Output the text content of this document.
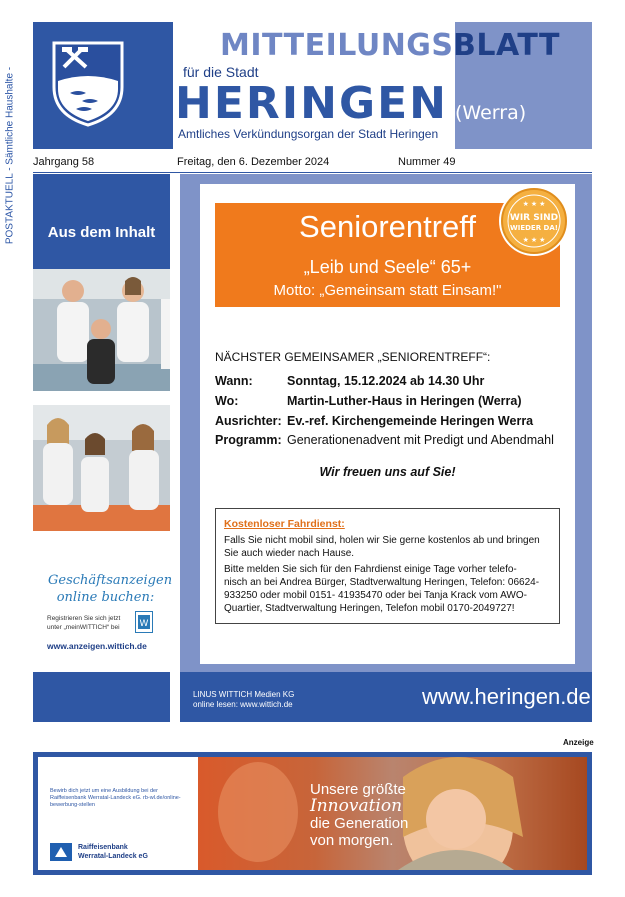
POSTAKTUELL - Sämtliche Haushalte -
MITTEILUNGS BLATT
für die Stadt
HERINGEN (Werra)
Amtliches Verkündungsorgan der Stadt Heringen
Jahrgang 58	Freitag, den 6. Dezember 2024	Nummer 49
Aus dem Inhalt
Geschäftsanzeigen online buchen:
Registrieren Sie sich jetzt unter „meinWITTICH“ bei	W
www.anzeigen.wittich.de
Seniorentreff
„Leib und Seele“ 65+
Motto: „Gemeinsam statt Einsam!"
WIR SIND
WIEDER DA!
★ ★ ★
★ ★ ★
NÄCHSTER GEMEINSAMER „SENIORENTREFF“:
Wann:	Sonntag, 15.12.2024 ab 14.30 Uhr
Wo:	Martin-Luther-Haus in Heringen (Werra)
Ausrichter: Ev.-ref. Kirchengemeinde Heringen Werra
Programm: Generationenadvent mit Predigt und Abendmahl
Wir freuen uns auf Sie!
Kostenloser Fahrdienst:
Falls Sie nicht mobil sind, holen wir Sie gerne kostenlos ab und bringen
Sie auch wieder nach Hause.
Bitte melden Sie sich für den Fahrdienst einige Tage vorher telefo-
nisch an bei Andrea Bürger, Stadtverwaltung Heringen, Telefon: 06624-
933250 oder mobil 0151- 41935470 oder bei Tanja Krack vom AWO-
Quartier, Stadtverwaltung Heringen, Telefon mobil 0170-2049727!
LINUS WITTICH Medien KG
online lesen: www.wittich.de	www.heringen.de
Anzeige
Bewirb dich jetzt um eine Ausbildung bei der Raiffeisenbank Werratal-Landeck eG. rb-wl.de/online-bewerbung-stellen
Raiffeisenbank
Werratal-Landeck eG
Unsere größte
Innovation
die Generation
von morgen.
